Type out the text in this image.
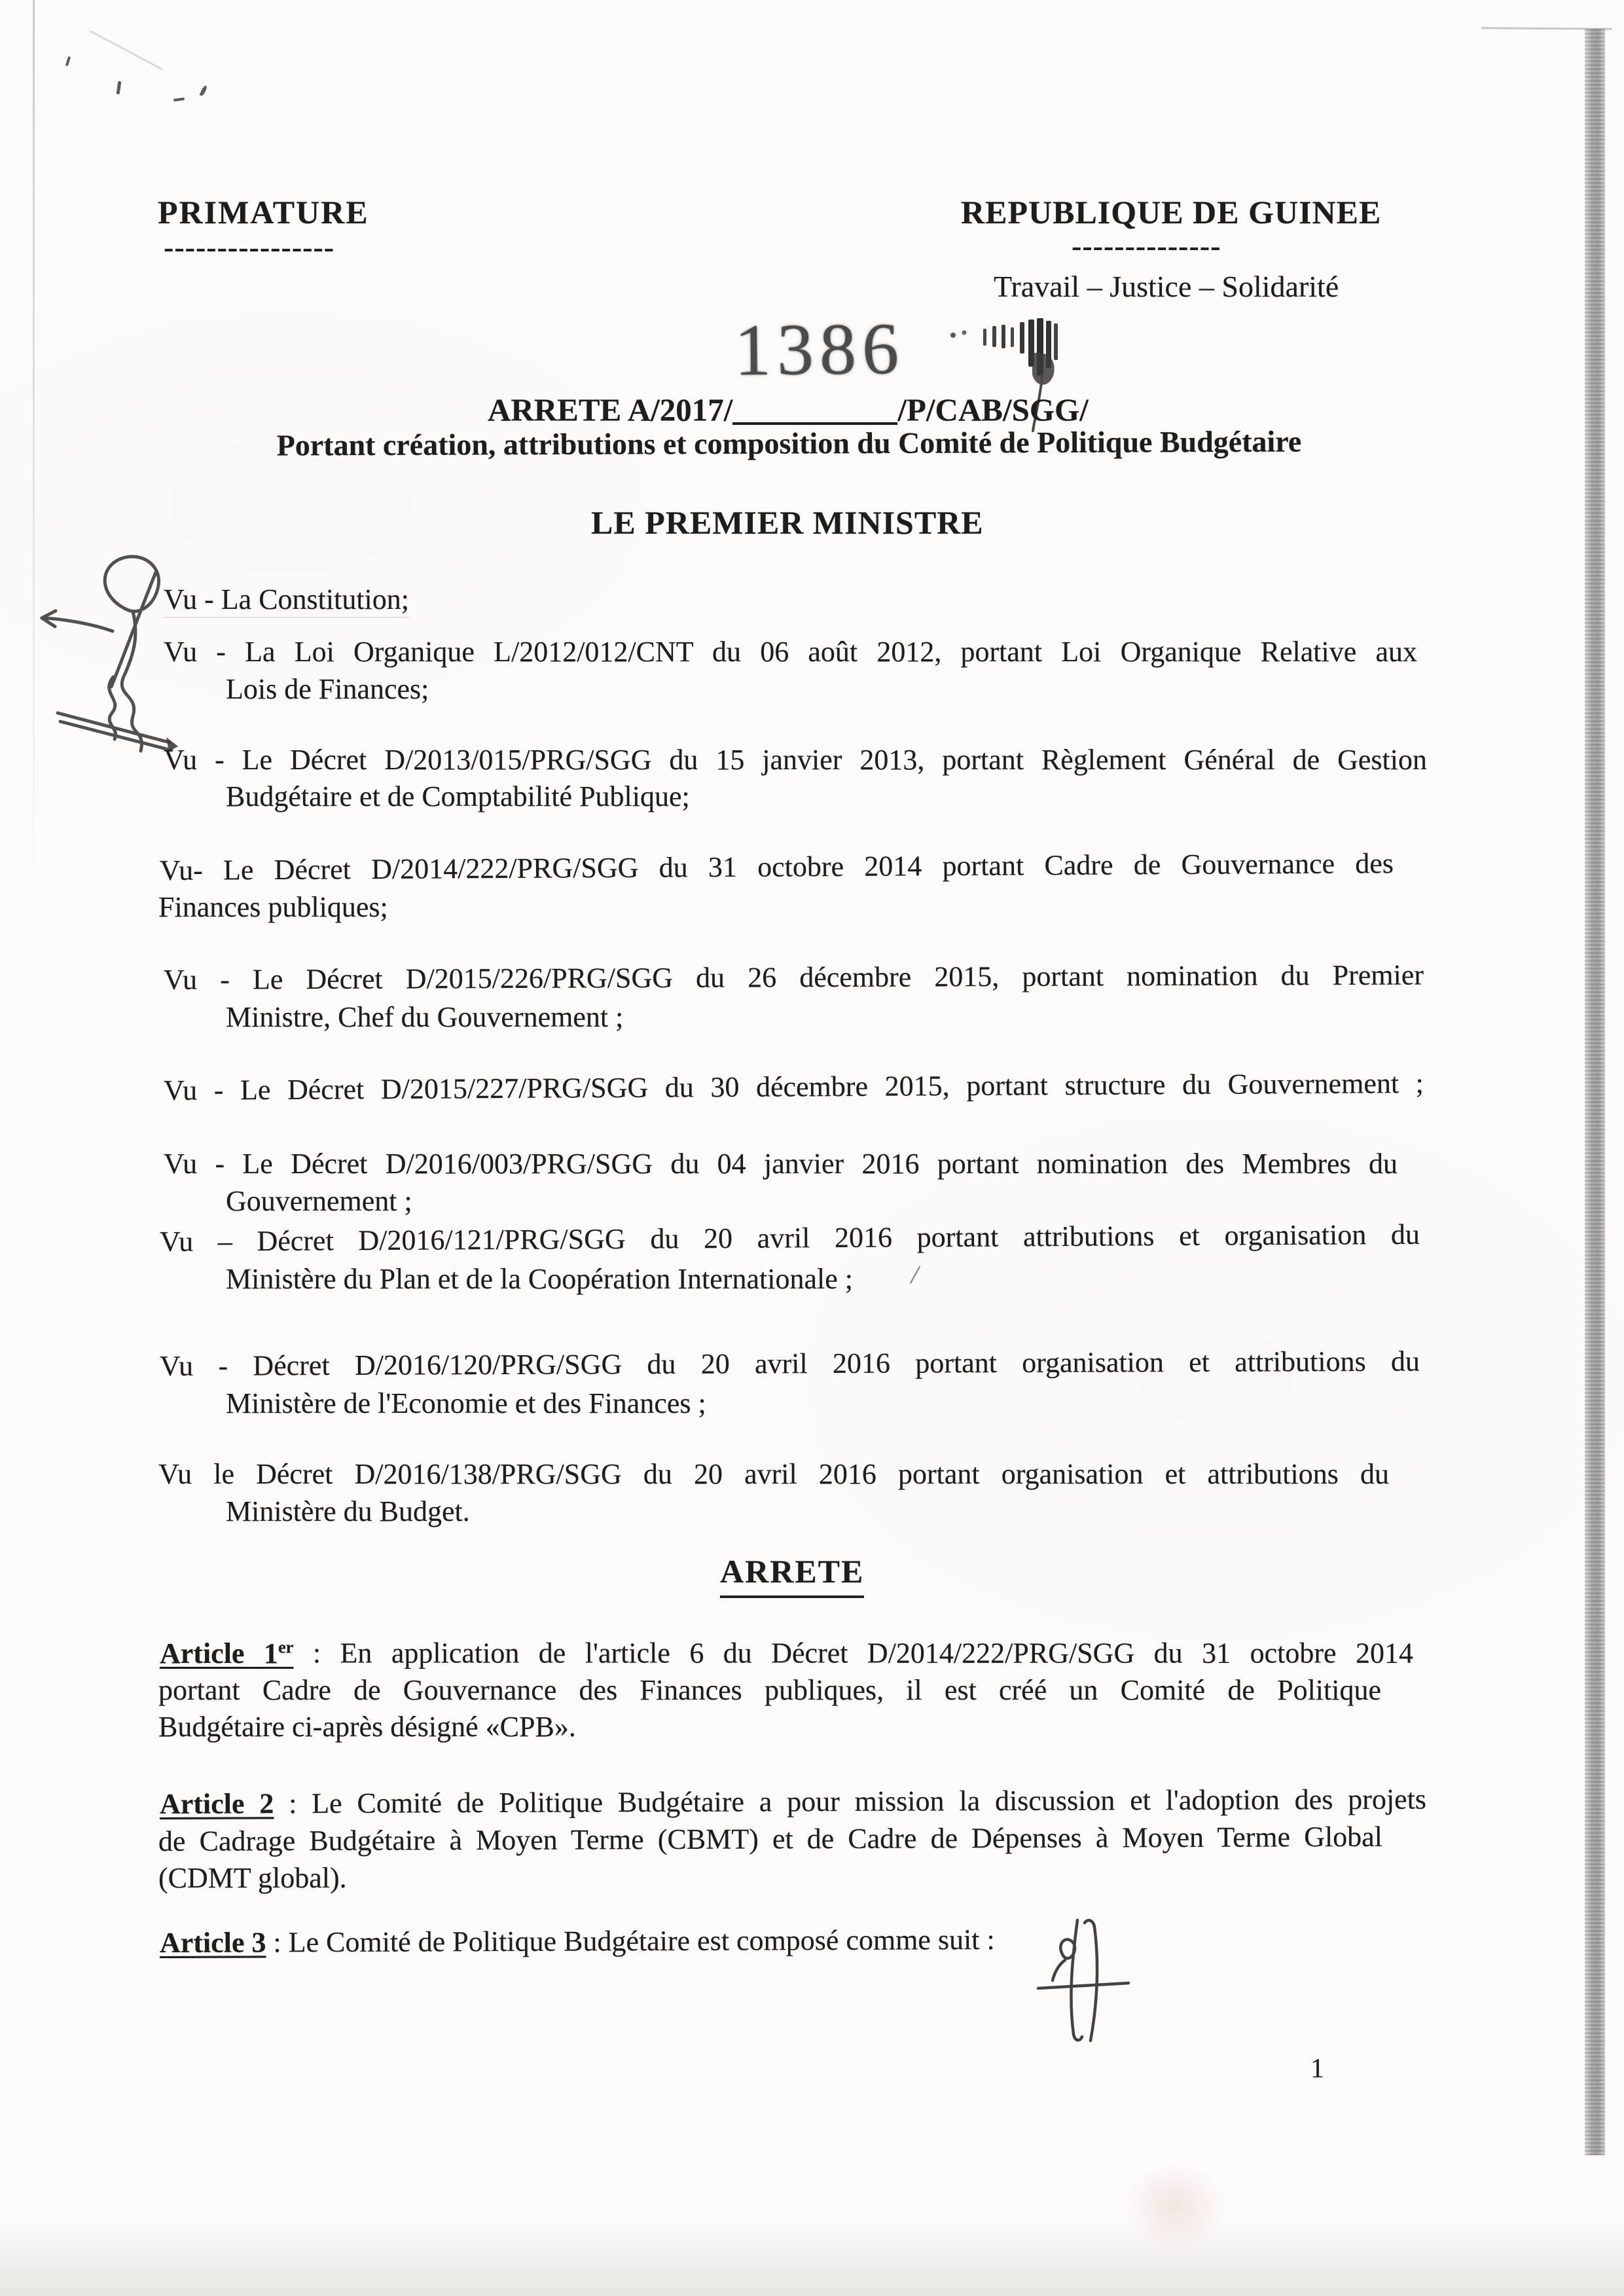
PRIMATURE
----------------
REPUBLIQUE DE GUINEE
--------------
Travail – Justice – Solidarité
1386
ARRETE A/2017/	/P/CAB/SGG/
Portant création, attributions et composition du Comité de Politique Budgétaire
LE PREMIER MINISTRE
Vu - La Constitution;
Vu - La Loi Organique L/2012/012/CNT du 06 août 2012, portant Loi Organique Relative aux
Lois de Finances;
Vu - Le Décret D/2013/015/PRG/SGG du 15 janvier 2013, portant Règlement Général de Gestion
Budgétaire et de Comptabilité Publique;
Vu- Le Décret D/2014/222/PRG/SGG du 31 octobre 2014 portant Cadre de Gouvernance des
Finances publiques;
Vu - Le Décret D/2015/226/PRG/SGG du 26 décembre 2015, portant nomination du Premier
Ministre, Chef du Gouvernement ;
Vu - Le Décret D/2015/227/PRG/SGG du 30 décembre 2015, portant structure du Gouvernement ;
Vu - Le Décret D/2016/003/PRG/SGG du 04 janvier 2016 portant nomination des Membres du
Gouvernement ;
Vu – Décret D/2016/121/PRG/SGG du 20 avril 2016 portant attributions et organisation du
Ministère du Plan et de la Coopération Internationale ; /
Vu - Décret D/2016/120/PRG/SGG du 20 avril 2016 portant organisation et attributions du
Ministère de l'Economie et des Finances ;
Vu le Décret D/2016/138/PRG/SGG du 20 avril 2016 portant organisation et attributions du
Ministère du Budget.
ARRETE
Article 1er : En application de l'article 6 du Décret D/2014/222/PRG/SGG du 31 octobre 2014
portant Cadre de Gouvernance des Finances publiques, il est créé un Comité de Politique
Budgétaire ci-après désigné «CPB».
Article 2 : Le Comité de Politique Budgétaire a pour mission la discussion et l'adoption des projets
de Cadrage Budgétaire à Moyen Terme (CBMT) et de Cadre de Dépenses à Moyen Terme Global
(CDMT global).
Article 3 : Le Comité de Politique Budgétaire est composé comme suit :
1
